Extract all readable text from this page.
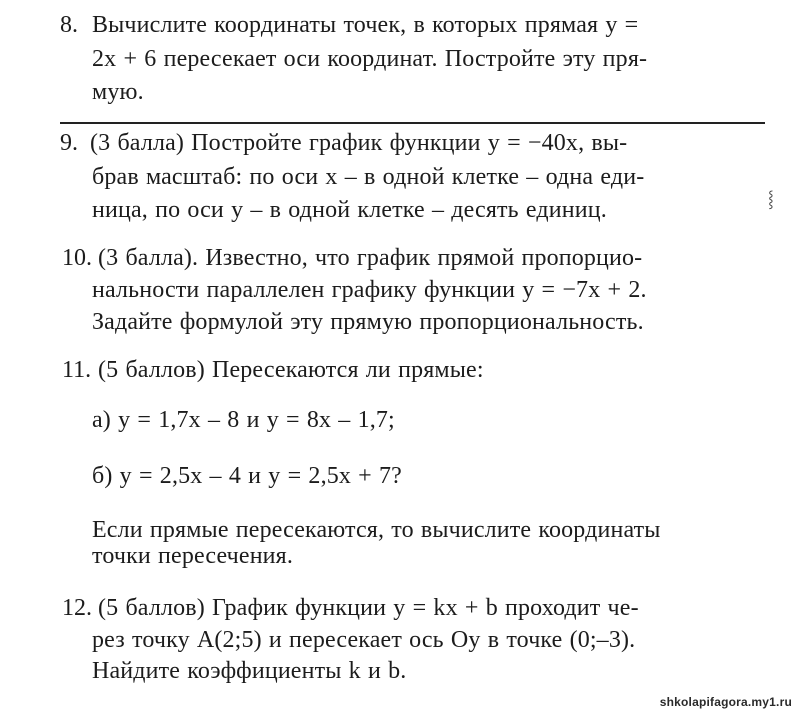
8. Вычислите координаты точек, в которых прямая y =
2x + 6 пересекает оси координат. Постройте эту пря-
мую.
9. (3 балла) Постройте график функции y = −40x, вы-
брав масштаб: по оси x – в одной клетке – одна еди-
ница, по оси y – в одной клетке – десять единиц.
10. (3 балла). Известно, что график прямой пропорцио-
нальности параллелен графику функции y = −7x + 2.
Задайте формулой эту прямую пропорциональность.
11. (5 баллов) Пересекаются ли прямые:
а) y = 1,7x – 8 и y = 8x – 1,7;
б) y = 2,5x – 4 и y = 2,5x + 7?
Если прямые пересекаются, то вычислите координаты
точки пересечения.
12. (5 баллов) График функции y = kx + b проходит че-
рез точку A(2;5) и пересекает ось Oy в точке (0;–3).
Найдите коэффициенты k и b.
⸾
shkolapifagora.my1.ru
